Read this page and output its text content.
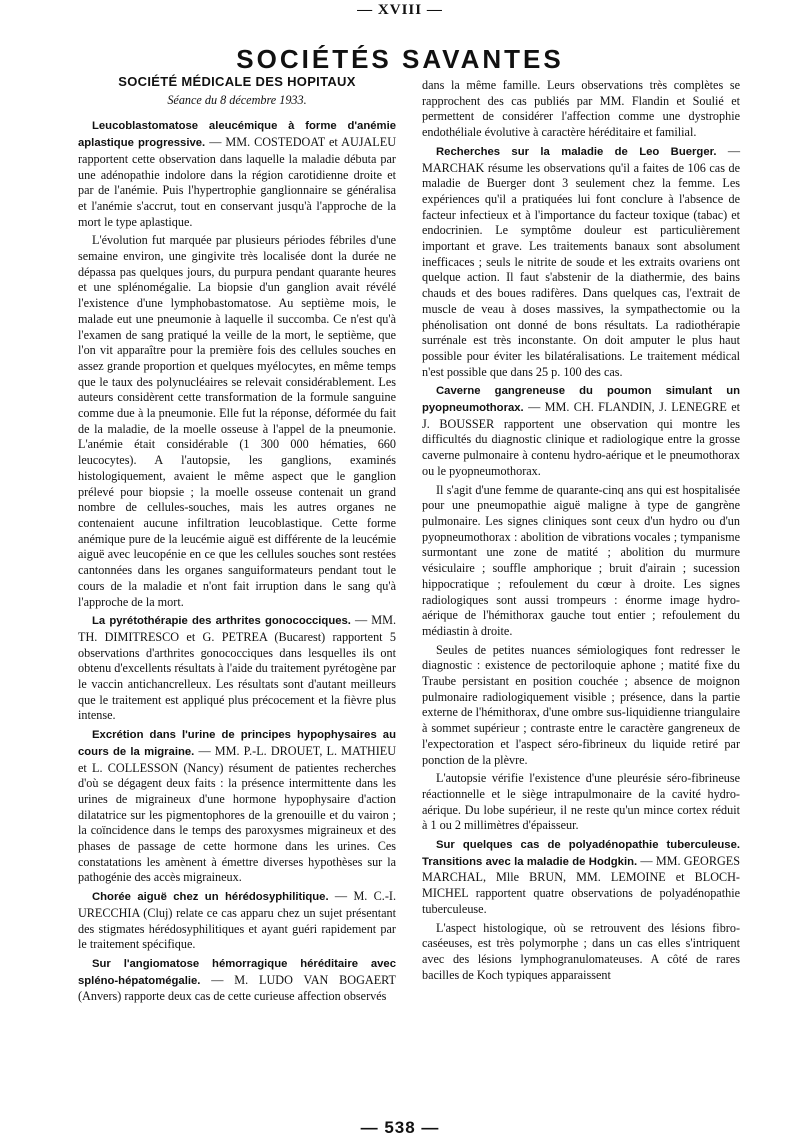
— XVIII —
SOCIÉTÉS SAVANTES
SOCIÉTÉ MÉDICALE DES HOPITAUX
Séance du 8 décembre 1933.

Leucoblastomatose aleucémique à forme d'anémie aplastique progressive. — MM. COSTEDOAT et AUJALEU rapportent cette observation dans laquelle la maladie débuta par une adénopathie indolore dans la région carotidienne droite et par de l'anémie. Puis l'hypertrophie ganglionnaire se généralisa et l'anémie s'accrut, tout en conservant jusqu'à l'approche de la mort le type aplastique.

L'évolution fut marquée par plusieurs périodes fébriles d'une semaine environ, une gingivite très localisée dont la durée ne dépassa pas quelques jours, du purpura pendant quarante heures et une splénomégalie. La biopsie d'un ganglion avait révélé l'existence d'une lymphobastomatose. Au septième mois, le malade eut une pneumonie à laquelle il succomba. Ce n'est qu'à l'examen de sang pratiqué la veille de la mort, le septième, que l'on vit apparaître pour la première fois des cellules souches en assez grande proportion et quelques myélocytes, en même temps que le taux des polynucléaires se relevait considérablement. Les auteurs considèrent cette transformation de la formule sanguine comme due à la pneumonie. Elle fut la réponse, déformée du fait de la maladie, de la moelle osseuse à l'appel de la pneumonie. L'anémie était considérable (1 300 000 hématies, 660 leucocytes). A l'autopsie, les ganglions, examinés histologiquement, avaient le même aspect que le ganglion prélevé pour biopsie ; la moelle osseuse contenait un grand nombre de cellules-souches, mais les autres organes ne contenaient aucune infiltration leucoblastique. Cette forme anémique pure de la leucémie aiguë est différente de la leucémie aiguë avec leucopénie en ce que les cellules souches sont restées cantonnées dans les organes sanguiformateurs pendant tout le cours de la maladie et n'ont fait irruption dans le sang qu'à l'approche de la mort.

La pyrétothérapie des arthrites gonococciques. — MM. TH. DIMITRESCO et G. PETREA (Bucarest) rapportent 5 observations d'arthrites gonococciques dans lesquelles ils ont obtenu d'excellents résultats à l'aide du traitement pyrétogène par le vaccin antichancrelleux. Les résultats sont d'autant meilleurs que le traitement est appliqué plus précocement et la fièvre plus intense.

Excrétion dans l'urine de principes hypophysaires au cours de la migraine. — MM. P.-L. DROUET, L. MATHIEU et L. COLLESSON (Nancy) résument de patientes recherches d'où se dégagent deux faits : la présence intermittente dans les urines de migraineux d'une hormone hypophysaire d'action dilatatrice sur les pigmentophores de la grenouille et du vairon ; la coïncidence dans le temps des paroxysmes migraineux et des phases de passage de cette hormone dans les urines. Ces constatations les amènent à émettre diverses hypothèses sur la pathogénie des accès migraineux.

Chorée aiguë chez un hérédosyphilitique. — M. C.-I. URECCHIA (Cluj) relate ce cas apparu chez un sujet présentant des stigmates hérédosyphilitiques et ayant guéri rapidement par le traitement spécifique.

Sur l'angiomatose hémorragique héréditaire avec spléno-hépatomégalie. — M. LUDO VAN BOGAERT (Anvers) rapporte deux cas de cette curieuse affection observés

dans la même famille. Leurs observations très complètes se rapprochent des cas publiés par MM. Flandin et Soulié et permettent de considérer l'affection comme une dystrophie endothéliale évolutive à caractère héréditaire et familial.

Recherches sur la maladie de Leo Buerger. — MARCHAK résume les observations qu'il a faites de 106 cas de maladie de Buerger dont 3 seulement chez la femme. Les expériences qu'il a pratiquées lui font conclure à l'absence de facteur infectieux et à l'importance du facteur toxique (tabac) et endocrinien. Le symptôme douleur est particulièrement important et grave. Les traitements banaux sont absolument inefficaces ; seuls le nitrite de soude et les extraits ovariens ont quelque action. Il faut s'abstenir de la diathermie, des bains chauds et des boues radifères. Dans quelques cas, l'extrait de muscle de veau à doses massives, la sympathectomie ou la phénolisation ont donné de bons résultats. La radiothérapie surrénale est très inconstante. On doit amputer le plus haut possible pour éviter les bilatéralisations. Le traitement médical n'est possible que dans 25 p. 100 des cas.

Caverne gangreneuse du poumon simulant un pyopneumothorax. — MM. CH. FLANDIN, J. LENEGRE et J. BOUSSER rapportent une observation qui montre les difficultés du diagnostic clinique et radiologique entre la grosse caverne pulmonaire à contenu hydro-aérique et le pneumothorax ou le pyopneumothorax.

Il s'agit d'une femme de quarante-cinq ans qui est hospitalisée pour une pneumopathie aiguë maligne à type de gangrène pulmonaire. Les signes cliniques sont ceux d'un hydro ou d'un pyopneumothorax : abolition de vibrations vocales ; tympanisme surmontant une zone de matité ; abolition du murmure vésiculaire ; souffle amphorique ; bruit d'airain ; sucession hippocratique ; refoulement du cœur à droite. Les signes radiologiques sont aussi trompeurs : énorme image hydro-aérique de l'hémithorax gauche tout entier ; refoulement du médiastin à droite.

Seules de petites nuances sémiologiques font redresser le diagnostic : existence de pectoriloquie aphone ; matité fixe du Traube persistant en position couchée ; absence de moignon pulmonaire radiologiquement visible ; présence, dans la partie externe de l'hémithorax, d'une ombre sus-liquidienne triangulaire à sommet supérieur ; contraste entre le caractère gangreneux de l'expectoration et l'aspect séro-fibrineux du liquide retiré par ponction de la plèvre.

L'autopsie vérifie l'existence d'une pleurésie séro-fibrineuse réactionnelle et le siège intrapulmonaire de la cavité hydro-aérique. Du lobe supérieur, il ne reste qu'un mince cortex réduit à 1 ou 2 millimètres d'épaisseur.

Sur quelques cas de polyadénopathie tuberculeuse. Transitions avec la maladie de Hodgkin. — MM. GEORGES MARCHAL, Mlle BRUN, MM. LEMOINE et BLOCH-MICHEL rapportent quatre observations de polyadénopathie tuberculeuse.

L'aspect histologique, où se retrouvent des lésions fibro-caséeuses, est très polymorphe ; dans un cas elles s'intriquent avec des lésions lymphogranulomateuses. A côté de rares bacilles de Koch typiques apparaissent

— 538 —
